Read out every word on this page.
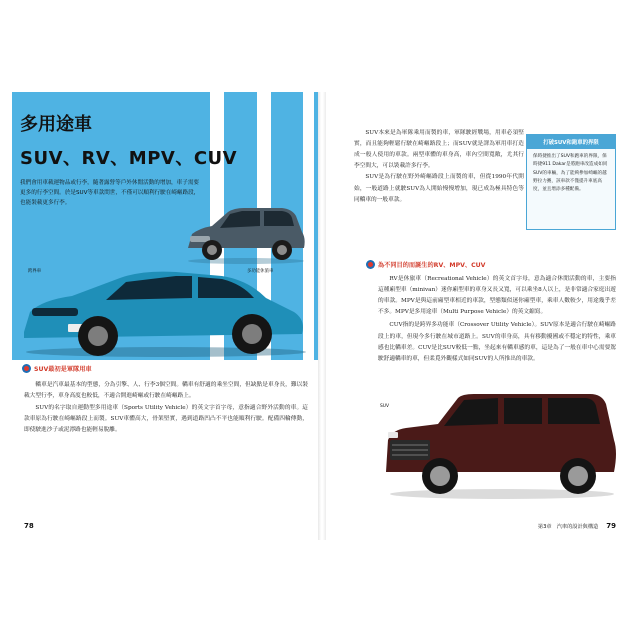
多用途車
SUV、RV、MPV、CUV
我們會用車載運物品或行李，隨著露營等戶外休閒活動的增加，車子需要更多的行李空間。於是SUV等車款問世，不僅可以順利行駛在崎嶇路段，也能裝載更多行李。
跨界車	多功能休旅車
SUV最初是軍隊用車

轎車是汽車最基本的型態，分為引擎、人、行李3個空間。轎車有舒適的乘坐空間，但缺點是車身長，難以裝載大型行李，車身高度也較低，不適合開進崎嶇或行駛在崎嶇路上。

SUV的名字取自運動型多用途車（Sports Utility Vehicle）的英文字首字母，意指適合野外活動的車。這款車原為行駛在崎嶇路段上而製。SUV車體高大，骨架堅實，遇到道路凹凸不平也能順利行駛。配備四輪傳動，即使駛進沙子或泥濘路也能輕易脫離。

78

SUV本來是為軍隊乘用而製的車，軍隊駛經戰場，用車必須堅實，而且能夠輕鬆行駛在崎嶇路段上；而SUV就是譯為軍用車打造成一般人使用的車款。兩型車體的車身高，車內空間寬敞，尤其行李空間大，可以裝載許多行李。

SUV是為行駛在野外崎嶇路段上而製的車，但從1990年代開始，一般道路上就駛SUV為人開始慢慢增加，現已成為極具特色等同轎車的一般車款。

打破SUV和跑車的界限
保時捷推出了SUV和跑車的界限，保時捷911 Dakar是將跑車改造成如同SUV的車輛，為了能夠參加崎嶇的越野拉力賽，該車款不僅提升車底高度，並且增添多種配備。
為不同目的而誕生的RV、MPV、CUV

RV是休旅車（Recreational Vehicle）的英文首字母，意為適合休閒活動的車，主要指這種廂型車（minivan）迷你廂型車的車身又長又寬，可以乘坐8人以上，是非常適合家庭出遊的車款。MPV是與這前廂型車相近的車款，型態類似迷你廂型車，乘車人數較少，用途幾乎差不多。MPV是多用途車（Multi Purpose Vehicle）的英文縮寫。

CUV指的是跨界多功能車（Crossover Utility Vehicle）。SUV原本是適合行駛在崎嶇路段上的車，但現今多行駛在城市道路上。SUV的車身高，具有移動擾國或不穩定的特性，乘車感也比轎車差。CUV是比SUV較低一點，坐起來有轎車感的車，這是為了一般在車中心需要駕駛舒適轎車的車，但柔覓外觀樣式如同SUV的人所推出的車款。

SUV
第3章　汽車的設計與構造 79
